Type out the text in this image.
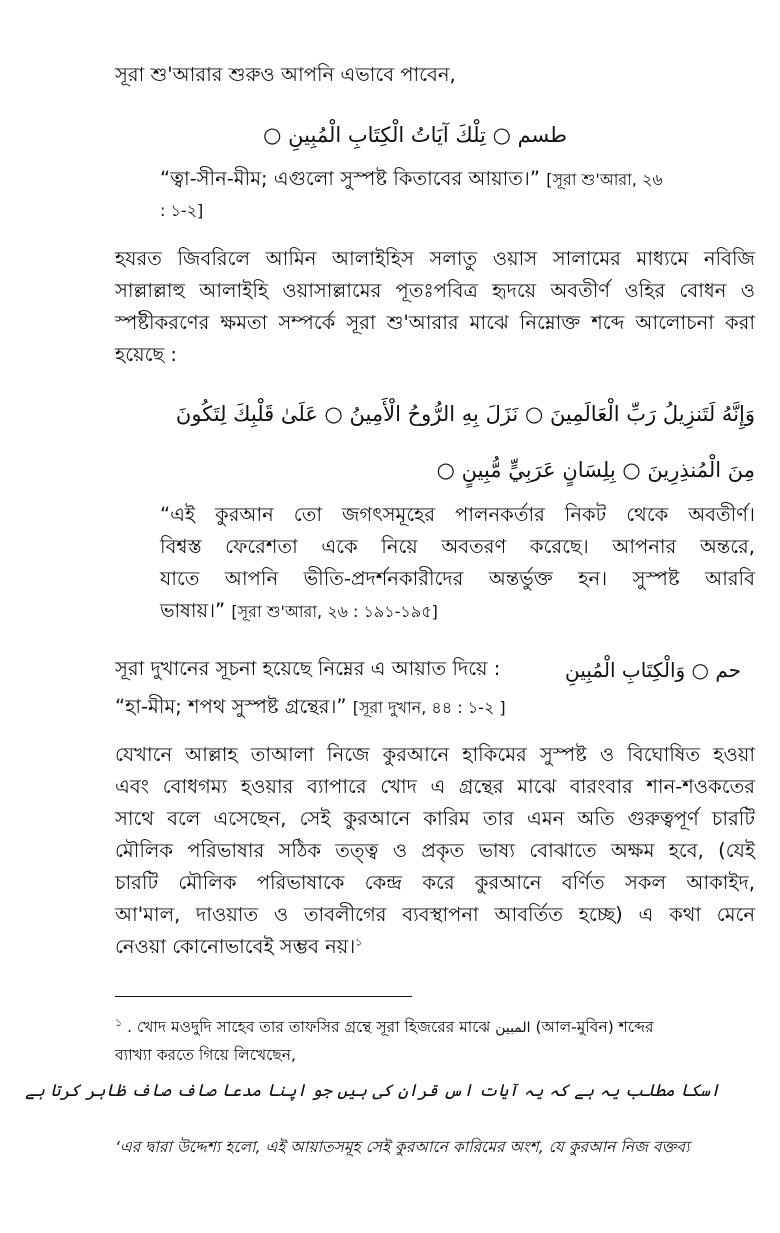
সূরা শু'আরার শুরুও আপনি এভাবে পাবেন,
طسم ○ تِلْكَ آيَاتُ الْكِتَابِ الْمُبِينِ ○
“ত্বা-সীন-মীম; এগুলো সুস্পষ্ট কিতাবের আয়াত।” [সূরা শু'আরা, ২৬
: ১-২]
হযরত জিবরিলে আমিন আলাইহিস সলাতু ওয়াস সালামের মাধ্যমে নবিজি
সাল্লাল্লাহু আলাইহি ওয়াসাল্লামের পূতঃপবিত্র হৃদয়ে অবতীর্ণ ওহির বোধন ও
স্পষ্টীকরণের ক্ষমতা সম্পর্কে সূরা শু'আরার মাঝে নিম্নোক্ত শব্দে আলোচনা করা
হয়েছে :
وَإِنَّهُ لَتَنزِيلُ رَبِّ الْعَالَمِينَ ○ نَزَلَ بِهِ الرُّوحُ الْأَمِينُ ○ عَلَىٰ قَلْبِكَ لِتَكُونَ
مِنَ الْمُنذِرِينَ ○ بِلِسَانٍ عَرَبِيٍّ مُّبِينٍ ○
“এই কুরআন তো জগৎসমূহের পালনকর্তার নিকট থেকে অবতীর্ণ।
বিশ্বস্ত ফেরেশতা একে নিয়ে অবতরণ করেছে। আপনার অন্তরে,
যাতে আপনি ভীতি-প্রদর্শনকারীদের অন্তর্ভুক্ত হন। সুস্পষ্ট আরবি
ভাষায়।” [সূরা শু'আরা, ২৬ : ১৯১-১৯৫]
সূরা দুখানের সূচনা হয়েছে নিম্নের এ আয়াত দিয়ে :	حم ○ وَالْكِتَابِ الْمُبِينِ
“হা-মীম; শপথ সুস্পষ্ট গ্রন্থের।” [সূরা দুখান, ৪৪ : ১-২ ]
যেখানে আল্লাহ তাআলা নিজে কুরআনে হাকিমের সুস্পষ্ট ও বিঘোষিত হওয়া
এবং বোধগম্য হওয়ার ব্যাপারে খোদ এ গ্রন্থের মাঝে বারংবার শান-শওকতের
সাথে বলে এসেছেন, সেই কুরআনে কারিম তার এমন অতি গুরুত্বপূর্ণ চারটি
মৌলিক পরিভাষার সঠিক তত্ত্ব ও প্রকৃত ভাষ্য বোঝাতে অক্ষম হবে, (যেই
চারটি মৌলিক পরিভাষাকে কেন্দ্র করে কুরআনে বর্ণিত সকল আকাইদ,
আ'মাল, দাওয়াত ও তাবলীগের ব্যবস্থাপনা আবর্তিত হচ্ছে) এ কথা মেনে
নেওয়া কোনোভাবেই সম্ভব নয়।$^১$
$^১$ . খোদ মওদুদি সাহেব তার তাফসির গ্রন্থে সূরা হিজরের মাঝে المبين (আল-মুবিন) শব্দের
ব্যাখ্যা করতে গিয়ে লিখেছেন,
اسکا مطلب یہ ہے کہ یہ آیات اس قران کی ہیں جو اپنا مدعا صاف صاف ظاہر کرتا ہے
‘এর দ্বারা উদ্দেশ্য হলো, এই আয়াতসমূহ সেই কুরআনে কারিমের অংশ, যে কুরআন নিজ বক্তব্য
